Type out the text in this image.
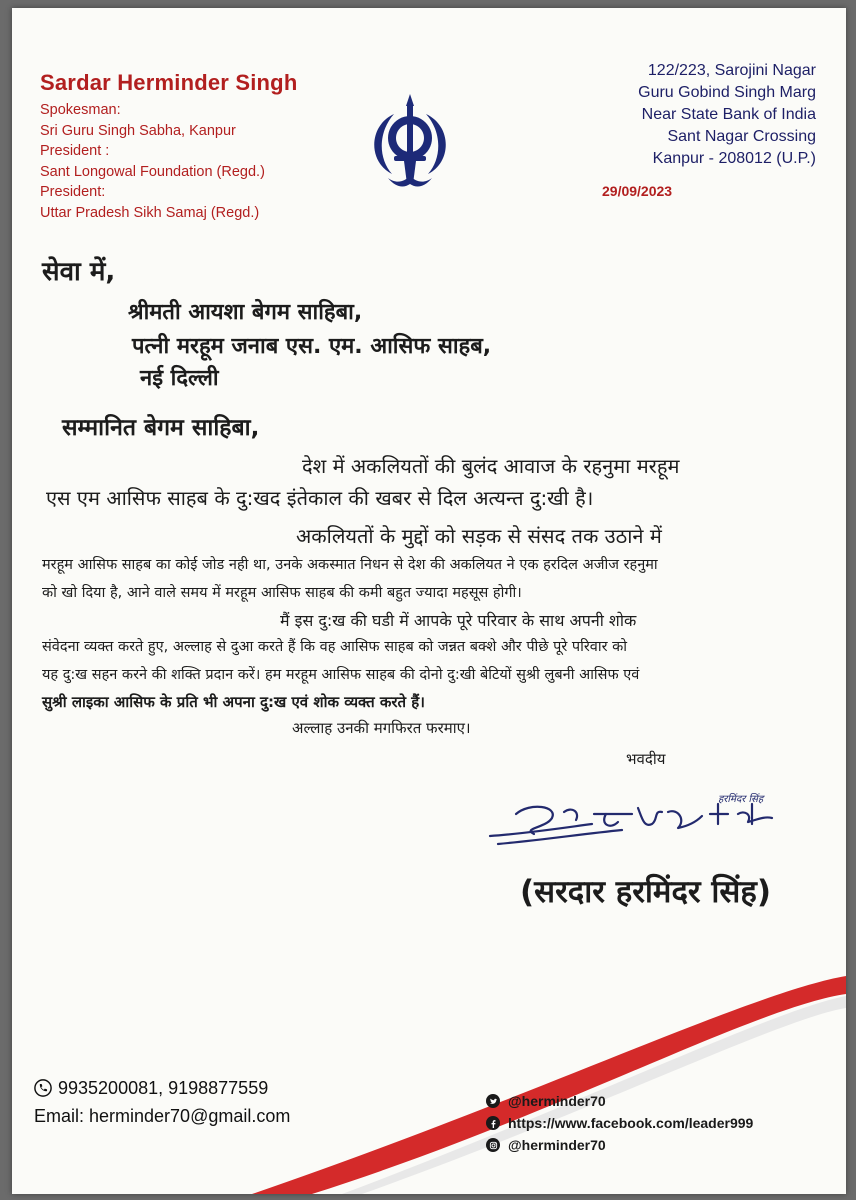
Sardar Herminder Singh
Spokesman:
Sri Guru Singh Sabha, Kanpur
President :
Sant Longowal Foundation (Regd.)
President:
Uttar Pradesh Sikh Samaj (Regd.)
122/223, Sarojini Nagar
Guru Gobind Singh Marg
Near State Bank of India
Sant Nagar Crossing
Kanpur - 208012 (U.P.)
29/09/2023
सेवा में,
श्रीमती आयशा बेगम साहिबा,
पत्नी मरहूम जनाब एस. एम. आसिफ साहब,
नई दिल्ली
सम्मानित बेगम साहिबा,
देश में अकलियतों की बुलंद आवाज के रहनुमा मरहूम
एस एम आसिफ साहब के दु:खद इंतेकाल की खबर से दिल अत्यन्त दु:खी है।
अकलियतों के मुद्दों को सड़क से संसद तक उठाने में
मरहूम आसिफ साहब का कोई जोड नही था, उनके अकस्मात निधन से देश की अकलियत ने एक हरदिल अजीज रहनुमा
को खो दिया है, आने वाले समय में मरहूम आसिफ साहब की कमी बहुत ज्यादा महसूस होगी।
मैं इस दु:ख की घडी में आपके पूरे परिवार के साथ अपनी शोक
संवेदना व्यक्त करते हुए, अल्लाह से दुआ करते हैं कि वह आसिफ साहब को जन्नत बक्शे और पीछे पूरे परिवार को
यह दु:ख सहन करने की शक्ति प्रदान करें। हम मरहूम आसिफ साहब की दोनो दु:खी बेटियों सुश्री लुबनी आसिफ एवं
सुश्री लाइका आसिफ के प्रति भी अपना दु:ख एवं शोक व्यक्त करते हैं।
अल्लाह उनकी मगफिरत फरमाए।
भवदीय
हरमिंदर सिंह
(सरदार हरमिंदर सिंह)
9935200081, 9198877559
Email: herminder70@gmail.com
@herminder70
https://www.facebook.com/leader999
@herminder70
